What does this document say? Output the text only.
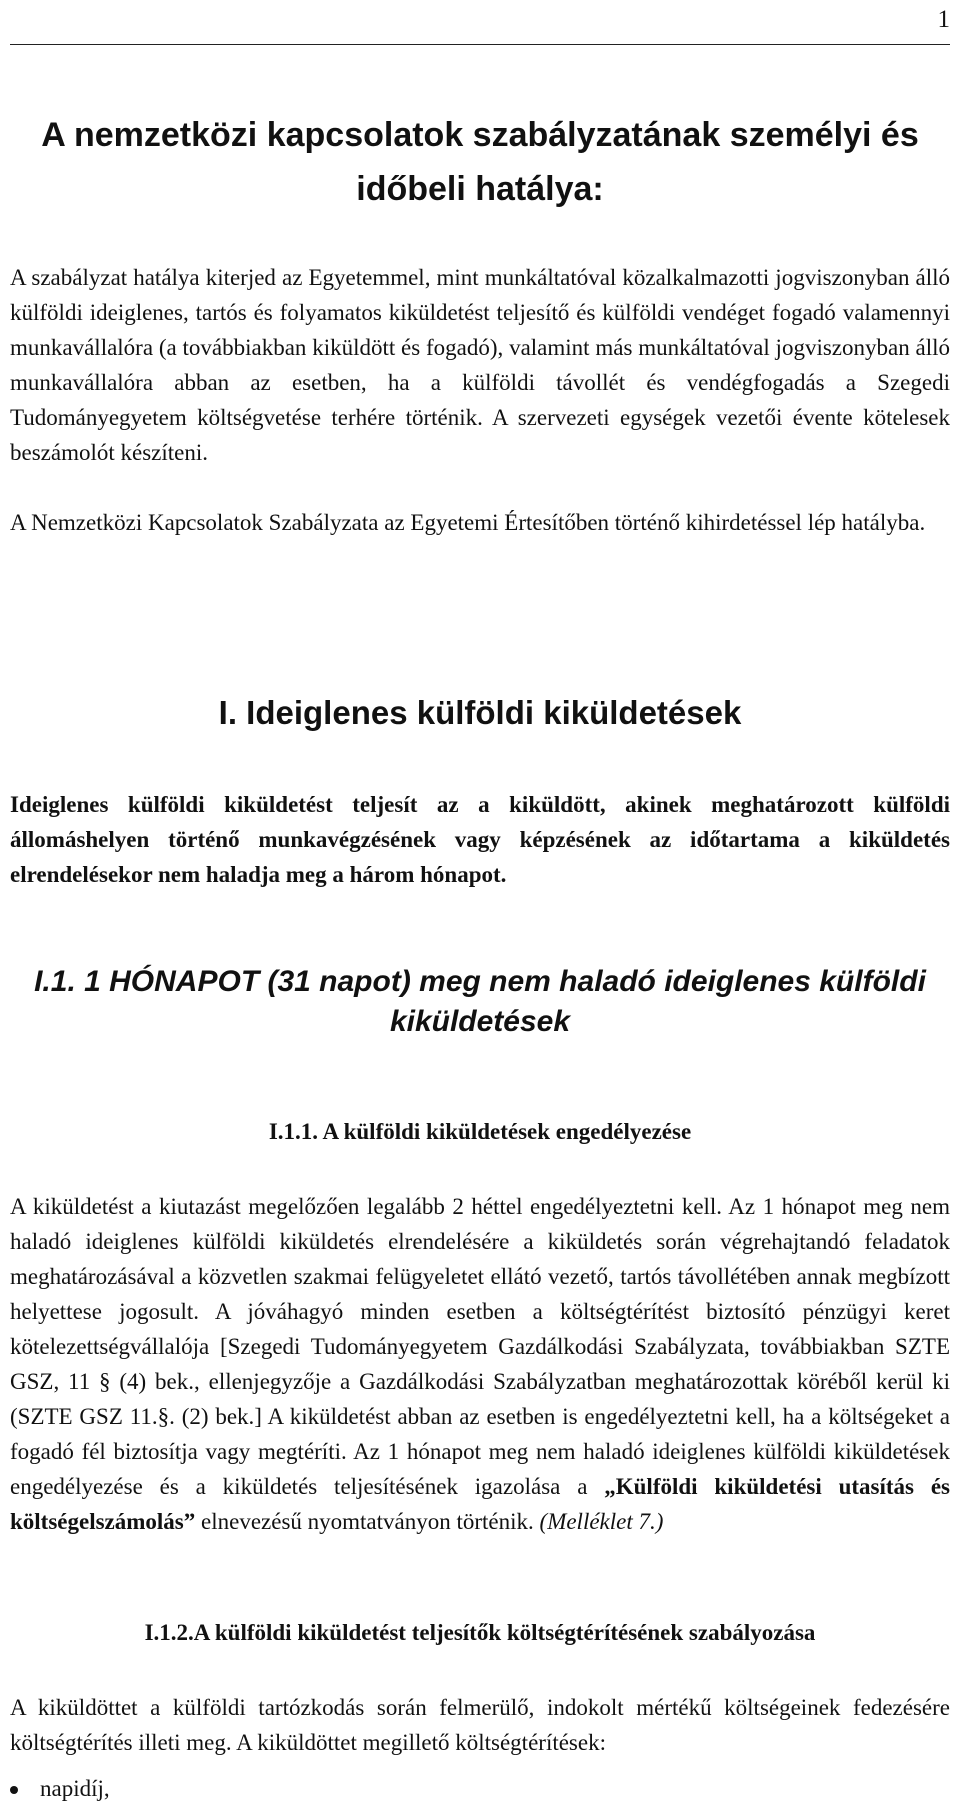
1
A nemzetközi kapcsolatok szabályzatának személyi és időbeli hatálya:

A szabályzat hatálya kiterjed az Egyetemmel, mint munkáltatóval közalkalmazotti jogviszonyban álló külföldi ideiglenes, tartós és folyamatos kiküldetést teljesítő és külföldi vendéget fogadó valamennyi munkavállalóra (a továbbiakban kiküldött és fogadó), valamint más munkáltatóval jogviszonyban álló munkavállalóra abban az esetben, ha a külföldi távollét és vendégfogadás a Szegedi Tudományegyetem költségvetése terhére történik. A szervezeti egységek vezetői évente kötelesek beszámolót készíteni.

A Nemzetközi Kapcsolatok Szabályzata az Egyetemi Értesítőben történő kihirdetéssel lép hatályba.

I. Ideiglenes külföldi kiküldetések

Ideiglenes külföldi kiküldetést teljesít az a kiküldött, akinek meghatározott külföldi állomáshelyen történő munkavégzésének vagy képzésének az időtartama a kiküldetés elrendelésekor nem haladja meg a három hónapot.

I.1. 1 HÓNAPOT (31 napot) meg nem haladó ideiglenes külföldi kiküldetések
I.1.1. A külföldi kiküldetések engedélyezése

A kiküldetést a kiutazást megelőzően legalább 2 héttel engedélyeztetni kell. Az 1 hónapot meg nem haladó ideiglenes külföldi kiküldetés elrendelésére a kiküldetés során végrehajtandó feladatok meghatározásával a közvetlen szakmai felügyeletet ellátó vezető, tartós távollétében annak megbízott helyettese jogosult. A jóváhagyó minden esetben a költségtérítést biztosító pénzügyi keret kötelezettségvállalója [Szegedi Tudományegyetem Gazdálkodási Szabályzata, továbbiakban SZTE GSZ, 11 § (4) bek., ellenjegyzője a Gazdálkodási Szabályzatban meghatározottak köréből kerül ki (SZTE GSZ 11.§. (2) bek.] A kiküldetést abban az esetben is engedélyeztetni kell, ha a költségeket a fogadó fél biztosítja vagy megtéríti. Az 1 hónapot meg nem haladó ideiglenes külföldi kiküldetések engedélyezése és a kiküldetés teljesítésének igazolása a „Külföldi kiküldetési utasítás és költségelszámolás” elnevezésű nyomtatványon történik. (Melléklet 7.)

I.1.2.A külföldi kiküldetést teljesítők költségtérítésének szabályozása

A kiküldöttet a külföldi tartózkodás során felmerülő, indokolt mértékű költségeinek fedezésére költségtérítés illeti meg. A kiküldöttet megillető költségtérítések:

napidíj,
